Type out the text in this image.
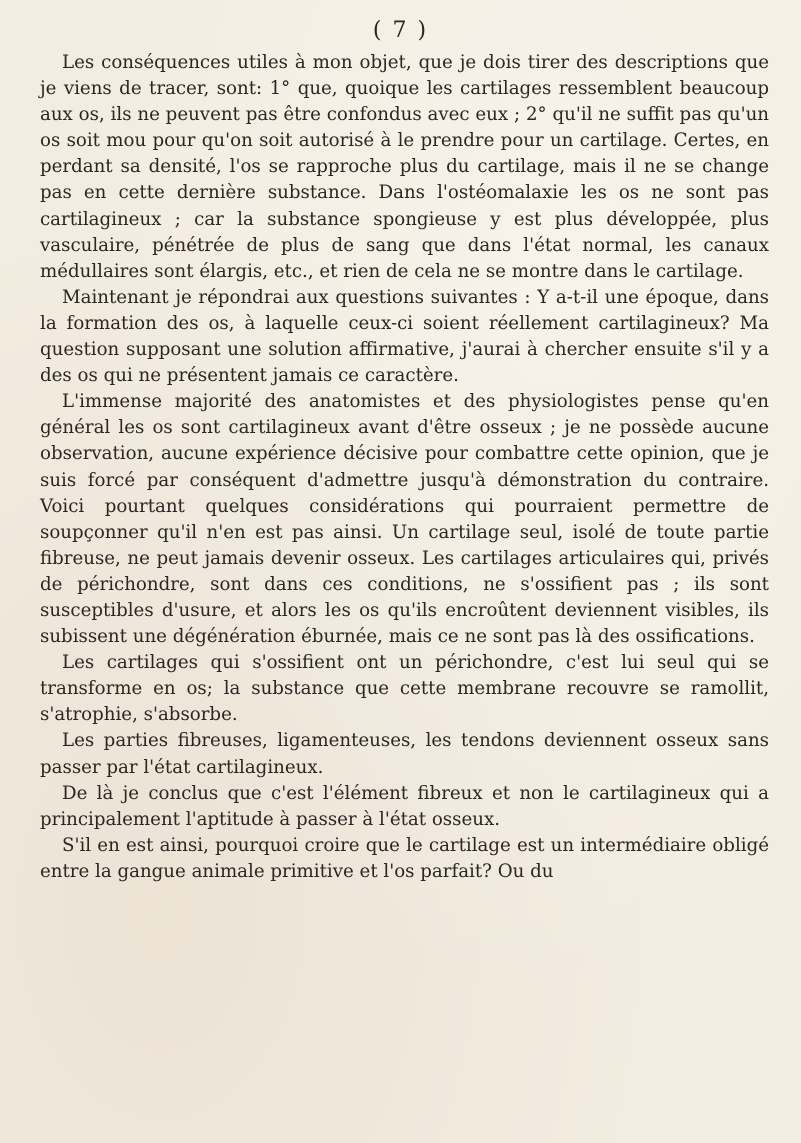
( 7 )

Les conséquences utiles à mon objet, que je dois tirer des descriptions que je viens de tracer, sont: 1° que, quoique les cartilages ressemblent beaucoup aux os, ils ne peuvent pas être confondus avec eux ; 2° qu'il ne suffit pas qu'un os soit mou pour qu'on soit autorisé à le prendre pour un cartilage. Certes, en perdant sa densité, l'os se rapproche plus du cartilage, mais il ne se change pas en cette dernière substance. Dans l'ostéomalaxie les os ne sont pas cartilagineux ; car la substance spongieuse y est plus développée, plus vasculaire, pénétrée de plus de sang que dans l'état normal, les canaux médullaires sont élargis, etc., et rien de cela ne se montre dans le cartilage.

Maintenant je répondrai aux questions suivantes : Y a-t-il une époque, dans la formation des os, à laquelle ceux-ci soient réellement cartilagineux? Ma question supposant une solution affirmative, j'aurai à chercher ensuite s'il y a des os qui ne présentent jamais ce caractère.

L'immense majorité des anatomistes et des physiologistes pense qu'en général les os sont cartilagineux avant d'être osseux ; je ne possède aucune observation, aucune expérience décisive pour combattre cette opinion, que je suis forcé par conséquent d'admettre jusqu'à démonstration du contraire. Voici pourtant quelques considérations qui pourraient permettre de soupçonner qu'il n'en est pas ainsi. Un cartilage seul, isolé de toute partie fibreuse, ne peut jamais devenir osseux. Les cartilages articulaires qui, privés de périchondre, sont dans ces conditions, ne s'ossifient pas ; ils sont susceptibles d'usure, et alors les os qu'ils encroûtent deviennent visibles, ils subissent une dégénération éburnée, mais ce ne sont pas là des ossifications.

Les cartilages qui s'ossifient ont un périchondre, c'est lui seul qui se transforme en os; la substance que cette membrane recouvre se ramollit, s'atrophie, s'absorbe.

Les parties fibreuses, ligamenteuses, les tendons deviennent osseux sans passer par l'état cartilagineux.

De là je conclus que c'est l'élément fibreux et non le cartilagineux qui a principalement l'aptitude à passer à l'état osseux.

S'il en est ainsi, pourquoi croire que le cartilage est un intermédiaire obligé entre la gangue animale primitive et l'os parfait? Ou du
